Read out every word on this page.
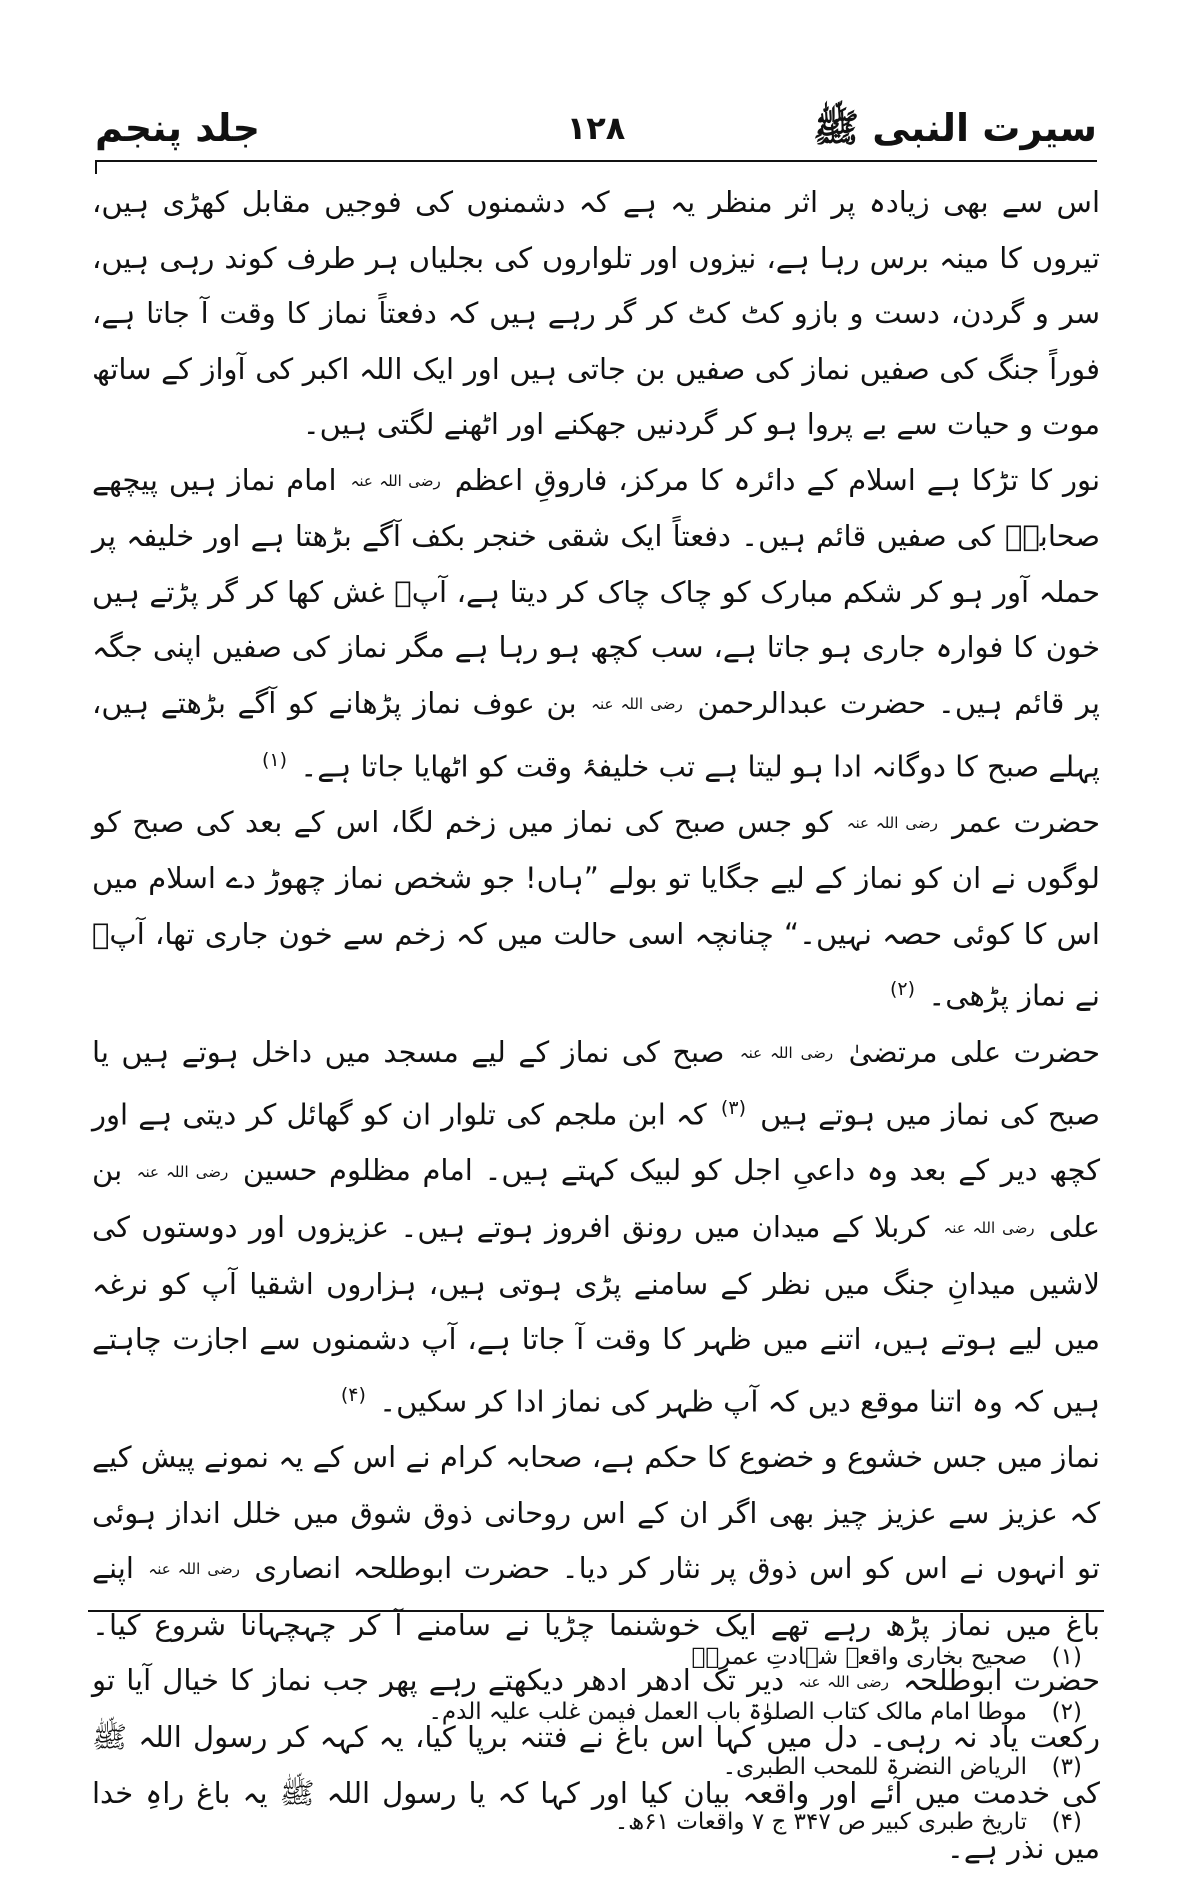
سیرت النبی ﷺ
۱۲۸
جلد پنجم

اس سے بھی زیادہ پر اثر منظر یہ ہے کہ دشمنوں کی فوجیں مقابل کھڑی ہیں، تیروں کا مینہ برس رہا ہے، نیزوں اور تلواروں کی بجلیاں ہر طرف کوند رہی ہیں، سر و گردن، دست و بازو کٹ کٹ کر گر رہے ہیں کہ دفعتاً نماز کا وقت آ جاتا ہے، فوراً جنگ کی صفیں نماز کی صفیں بن جاتی ہیں اور ایک اللہ اکبر کی آواز کے ساتھ موت و حیات سے بے پروا ہو کر گردنیں جھکنے اور اٹھنے لگتی ہیں۔

نور کا تڑکا ہے اسلام کے دائرہ کا مرکز، فاروقِ اعظم رضی اللہ عنہ امام نماز ہیں پیچھے صحابہؓ کی صفیں قائم ہیں۔ دفعتاً ایک شقی خنجر بکف آگے بڑھتا ہے اور خلیفہ پر حملہ آور ہو کر شکم مبارک کو چاک چاک کر دیتا ہے، آپؓ غش کھا کر گر پڑتے ہیں خون کا فوارہ جاری ہو جاتا ہے، سب کچھ ہو رہا ہے مگر نماز کی صفیں اپنی جگہ پر قائم ہیں۔ حضرت عبدالرحمن رضی اللہ عنہ بن عوف نماز پڑھانے کو آگے بڑھتے ہیں، پہلے صبح کا دوگانہ ادا ہو لیتا ہے تب خلیفۂ وقت کو اٹھایا جاتا ہے۔ $^{(۱)}$

حضرت عمر رضی اللہ عنہ کو جس صبح کی نماز میں زخم لگا، اس کے بعد کی صبح کو لوگوں نے ان کو نماز کے لیے جگایا تو بولے ”ہاں! جو شخص نماز چھوڑ دے اسلام میں اس کا کوئی حصہ نہیں۔“ چنانچہ اسی حالت میں کہ زخم سے خون جاری تھا، آپؓ نے نماز پڑھی۔ $^{(۲)}$

حضرت علی مرتضیٰ رضی اللہ عنہ صبح کی نماز کے لیے مسجد میں داخل ہوتے ہیں یا صبح کی نماز میں ہوتے ہیں $^{(۳)}$ کہ ابن ملجم کی تلوار ان کو گھائل کر دیتی ہے اور کچھ دیر کے بعد وہ داعیِ اجل کو لبیک کہتے ہیں۔ امام مظلوم حسین رضی اللہ عنہ بن علی رضی اللہ عنہ کربلا کے میدان میں رونق افروز ہوتے ہیں۔ عزیزوں اور دوستوں کی لاشیں میدانِ جنگ میں نظر کے سامنے پڑی ہوتی ہیں، ہزاروں اشقیا آپ کو نرغہ میں لیے ہوتے ہیں، اتنے میں ظہر کا وقت آ جاتا ہے، آپ دشمنوں سے اجازت چاہتے ہیں کہ وہ اتنا موقع دیں کہ آپ ظہر کی نماز ادا کر سکیں۔ $^{(۴)}$

نماز میں جس خشوع و خضوع کا حکم ہے، صحابہ کرام نے اس کے یہ نمونے پیش کیے کہ عزیز سے عزیز چیز بھی اگر ان کے اس روحانی ذوق شوق میں خلل انداز ہوئی تو انہوں نے اس کو اس ذوق پر نثار کر دیا۔ حضرت ابوطلحہ انصاری رضی اللہ عنہ اپنے باغ میں نماز پڑھ رہے تھے ایک خوشنما چڑیا نے سامنے آ کر چہچہانا شروع کیا۔ حضرت ابوطلحہ رضی اللہ عنہ دیر تک ادھر ادھر دیکھتے رہے پھر جب نماز کا خیال آیا تو رکعت یاد نہ رہی۔ دل میں کہا اس باغ نے فتنہ برپا کیا، یہ کہہ کر رسول اللہ ﷺ کی خدمت میں آئے اور واقعہ بیان کیا اور کہا کہ یا رسول اللہ ﷺ یہ باغ راہِ خدا میں نذر ہے۔

(۱)
صحیح بخاری واقعہ شہادتِ عمرؓ۔
(۲)
موطا امام مالک کتاب الصلوٰۃ باب العمل فیمن غلب علیہ الدم۔
(۳)
الریاض النضرۃ للمحب الطبری۔
(۴)
تاریخ طبری کبیر ص ۳۴۷ ج ۷ واقعات ۶۱ھ۔
